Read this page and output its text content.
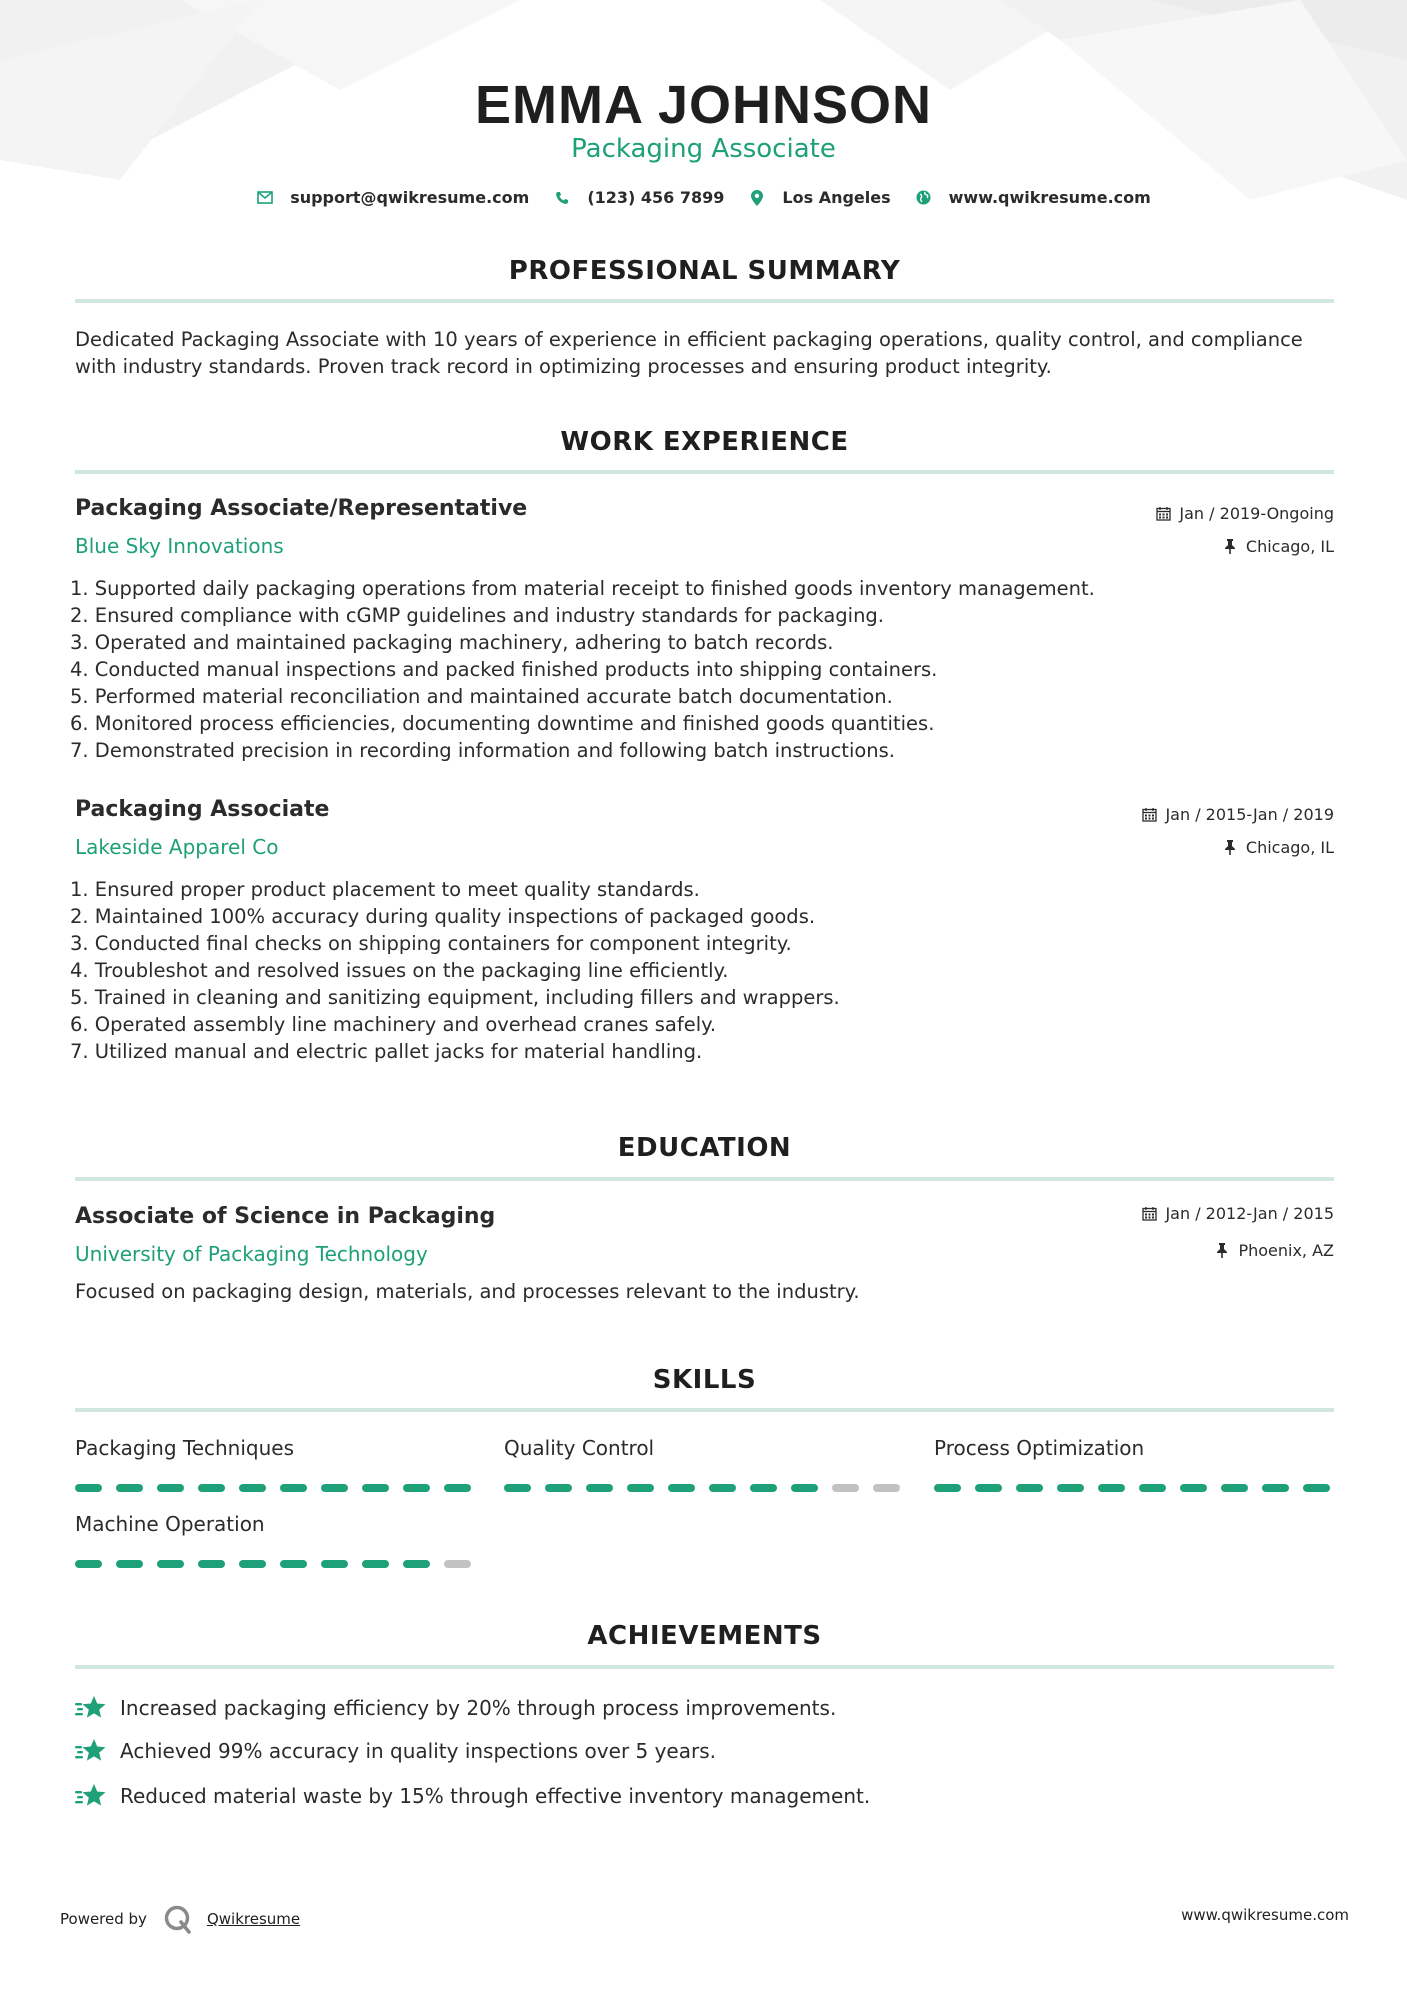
EMMA JOHNSON
Packaging Associate
support@qwikresume.com	(123) 456 7899	Los Angeles	www.qwikresume.com
PROFESSIONAL SUMMARY
Dedicated Packaging Associate with 10 years of experience in efficient packaging operations, quality control, and compliance with industry standards. Proven track record in optimizing processes and ensuring product integrity.
WORK EXPERIENCE
Packaging Associate/Representative	Jan / 2019-Ongoing
Blue Sky Innovations	Chicago, IL
1. Supported daily packaging operations from material receipt to finished goods inventory management.
2. Ensured compliance with cGMP guidelines and industry standards for packaging.
3. Operated and maintained packaging machinery, adhering to batch records.
4. Conducted manual inspections and packed finished products into shipping containers.
5. Performed material reconciliation and maintained accurate batch documentation.
6. Monitored process efficiencies, documenting downtime and finished goods quantities.
7. Demonstrated precision in recording information and following batch instructions.
Packaging Associate	Jan / 2015-Jan / 2019
Lakeside Apparel Co	Chicago, IL
1. Ensured proper product placement to meet quality standards.
2. Maintained 100% accuracy during quality inspections of packaged goods.
3. Conducted final checks on shipping containers for component integrity.
4. Troubleshot and resolved issues on the packaging line efficiently.
5. Trained in cleaning and sanitizing equipment, including fillers and wrappers.
6. Operated assembly line machinery and overhead cranes safely.
7. Utilized manual and electric pallet jacks for material handling.
EDUCATION
Associate of Science in Packaging	Jan / 2012-Jan / 2015
University of Packaging Technology	Phoenix, AZ
Focused on packaging design, materials, and processes relevant to the industry.
SKILLS
Packaging Techniques	Quality Control	Process Optimization
Machine Operation
ACHIEVEMENTS
Increased packaging efficiency by 20% through process improvements.
Achieved 99% accuracy in quality inspections over 5 years.
Reduced material waste by 15% through effective inventory management.
Powered by	Qwikresume	www.qwikresume.com
